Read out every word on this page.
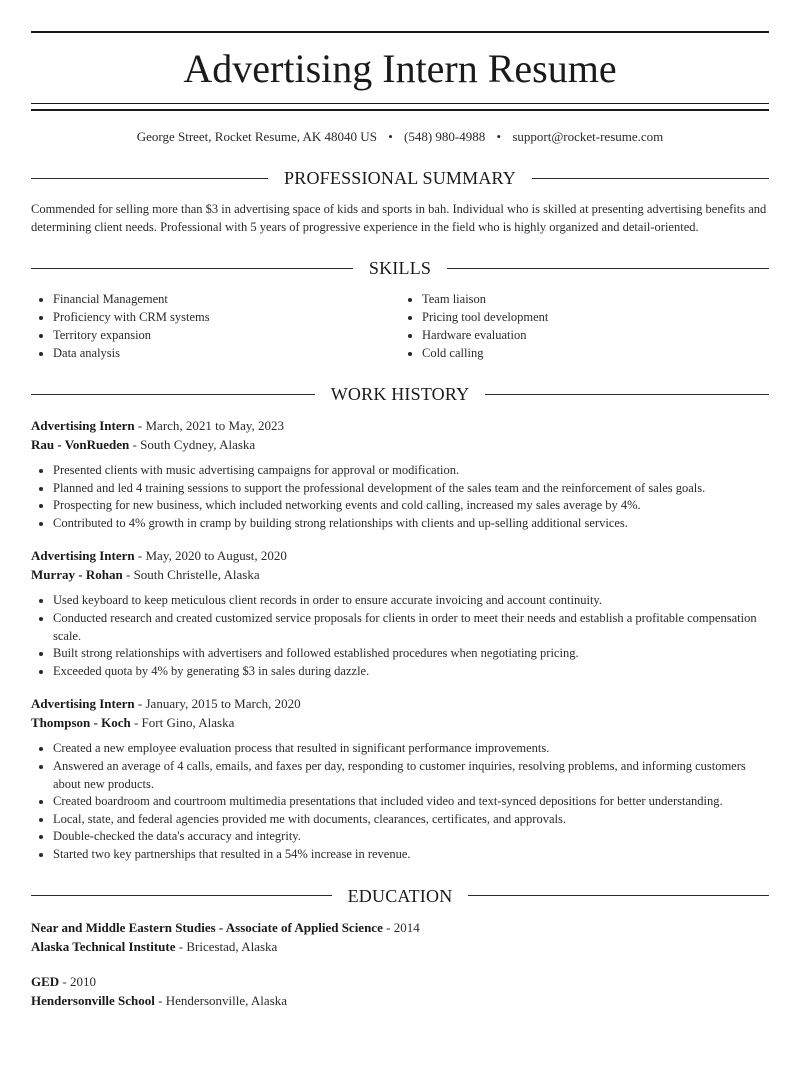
Advertising Intern Resume
George Street, Rocket Resume, AK 48040 US • (548) 980-4988 • support@rocket-resume.com
PROFESSIONAL SUMMARY
Commended for selling more than $3 in advertising space of kids and sports in bah. Individual who is skilled at presenting advertising benefits and determining client needs. Professional with 5 years of progressive experience in the field who is highly organized and detail-oriented.
SKILLS
• Financial Management
• Proficiency with CRM systems
• Territory expansion
• Data analysis
• Team liaison
• Pricing tool development
• Hardware evaluation
• Cold calling
WORK HISTORY
Advertising Intern - March, 2021 to May, 2023
Rau - VonRueden - South Cydney, Alaska
• Presented clients with music advertising campaigns for approval or modification.
• Planned and led 4 training sessions to support the professional development of the sales team and the reinforcement of sales goals.
• Prospecting for new business, which included networking events and cold calling, increased my sales average by 4%.
• Contributed to 4% growth in cramp by building strong relationships with clients and up-selling additional services.
Advertising Intern - May, 2020 to August, 2020
Murray - Rohan - South Christelle, Alaska
• Used keyboard to keep meticulous client records in order to ensure accurate invoicing and account continuity.
• Conducted research and created customized service proposals for clients in order to meet their needs and establish a profitable compensation scale.
• Built strong relationships with advertisers and followed established procedures when negotiating pricing.
• Exceeded quota by 4% by generating $3 in sales during dazzle.
Advertising Intern - January, 2015 to March, 2020
Thompson - Koch - Fort Gino, Alaska
• Created a new employee evaluation process that resulted in significant performance improvements.
• Answered an average of 4 calls, emails, and faxes per day, responding to customer inquiries, resolving problems, and informing customers about new products.
• Created boardroom and courtroom multimedia presentations that included video and text-synced depositions for better understanding.
• Local, state, and federal agencies provided me with documents, clearances, certificates, and approvals.
• Double-checked the data's accuracy and integrity.
• Started two key partnerships that resulted in a 54% increase in revenue.
EDUCATION
Near and Middle Eastern Studies - Associate of Applied Science - 2014
Alaska Technical Institute - Bricestad, Alaska
GED - 2010
Hendersonville School - Hendersonville, Alaska
